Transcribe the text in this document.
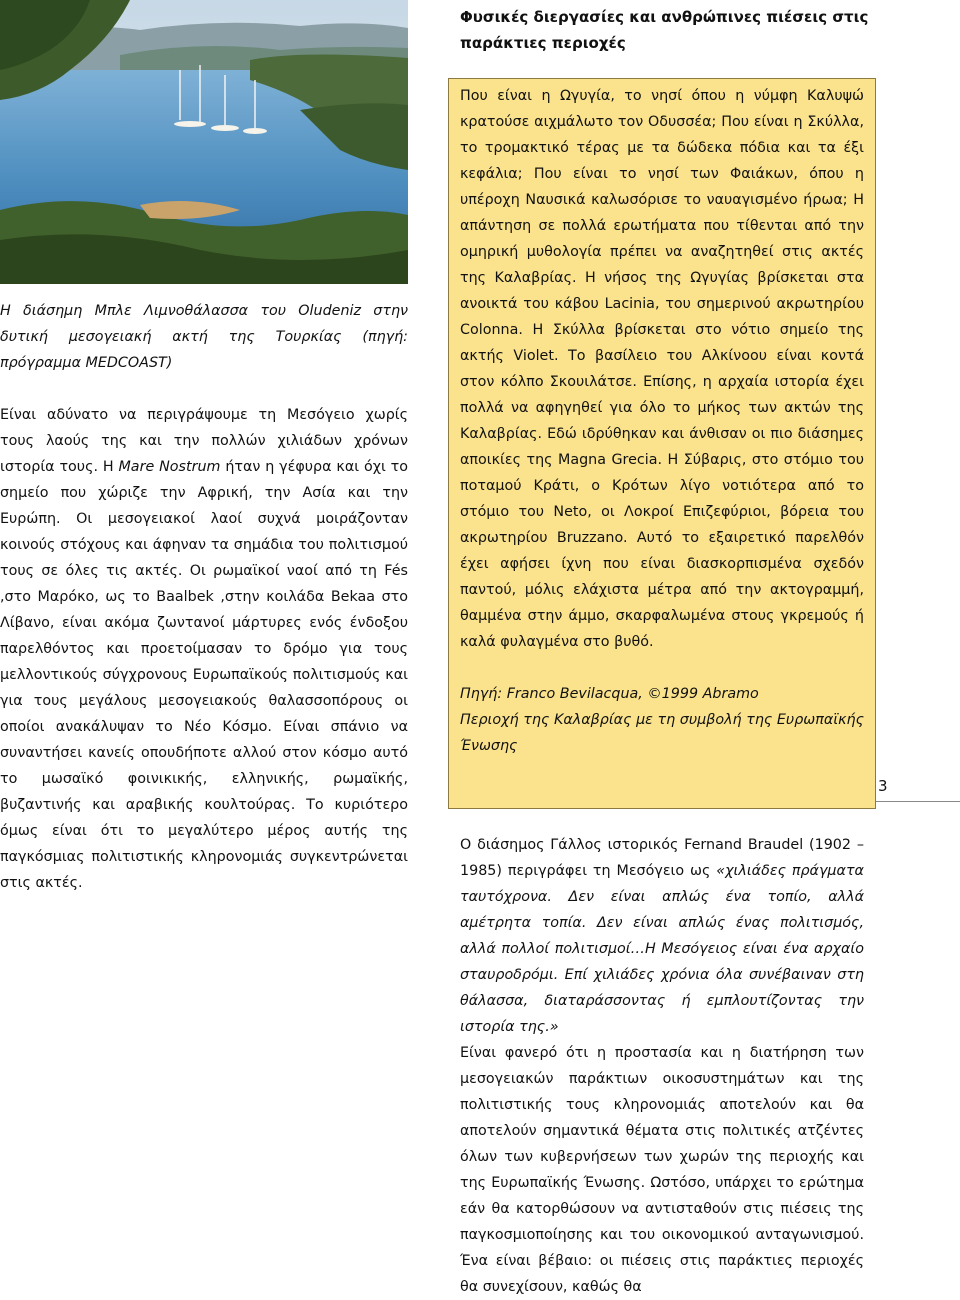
Φυσικές διεργασίες και ανθρώπινες πιέσεις στις παράκτιες περιοχές
Η διάσημη Μπλε Λιμνοθάλασσα του Oludeniz στην δυτική μεσογειακή ακτή της Τουρκίας (πηγή: πρόγραμμα MEDCOAST)
Είναι αδύνατο να περιγράψουμε τη Μεσόγειο χωρίς τους λαούς της και την πολλών χιλιάδων χρόνων ιστορία τους. Η Mare Nostrum ήταν η γέφυρα και όχι το σημείο που χώριζε την Αφρική, την Ασία και την Ευρώπη. Οι μεσογειακοί λαοί συχνά μοιράζονταν κοινούς στόχους και άφηναν τα σημάδια του πολιτισμού τους σε όλες τις ακτές. Οι ρωμαϊκοί ναοί από τη Fés ,στο Μαρόκο, ως το Baalbek ,στην κοιλάδα Bekaa στο Λίβανο, είναι ακόμα ζωντανοί μάρτυρες ενός ένδοξου παρελθόντος και προετοίμασαν το δρόμο για τους μελλοντικούς σύγχρονους Ευρωπαϊκούς πολιτισμούς και για τους μεγάλους μεσογειακούς θαλασσοπόρους οι οποίοι ανακάλυψαν το Νέο Κόσμο. Είναι σπάνιο να συναντήσει κανείς οπουδήποτε αλλού στον κόσμο αυτό το μωσαϊκό φοινικικής, ελληνικής, ρωμαϊκής, βυζαντινής και αραβικής κουλτούρας. Το κυριότερο όμως είναι ότι το μεγαλύτερο μέρος αυτής της παγκόσμιας πολιτιστικής κληρονομιάς συγκεντρώνεται στις ακτές.
Που είναι η Ωγυγία, το νησί όπου η νύμφη Καλυψώ κρατούσε αιχμάλωτο τον Οδυσσέα; Που είναι η Σκύλλα, το τρομακτικό τέρας με τα δώδεκα πόδια και τα έξι κεφάλια; Που είναι το νησί των Φαιάκων, όπου η υπέροχη Ναυσικά καλωσόρισε το ναυαγισμένο ήρωα; Η απάντηση σε πολλά ερωτήματα που τίθενται από την ομηρική μυθολογία πρέπει να αναζητηθεί στις ακτές της Καλαβρίας. Η νήσος της Ωγυγίας βρίσκεται στα ανοικτά του κάβου Lacinia, του σημερινού ακρωτηρίου Colonna. Η Σκύλλα βρίσκεται στο νότιο σημείο της ακτής Violet. Το βασίλειο του Αλκίνοου είναι κοντά στον κόλπο Σκουιλάτσε. Επίσης, η αρχαία ιστορία έχει πολλά να αφηγηθεί για όλο το μήκος των ακτών της Καλαβρίας. Εδώ ιδρύθηκαν και άνθισαν οι πιο διάσημες αποικίες της Magna Grecia. Η Σύβαρις, στο στόμιο του ποταμού Κράτι, ο Κρότων λίγο νοτιότερα από το στόμιο του Neto, οι Λοκροί Επιζεφύριοι, βόρεια του ακρωτηρίου Bruzzano. Αυτό το εξαιρετικό παρελθόν έχει αφήσει ίχνη που είναι διασκορπισμένα σχεδόν παντού, μόλις ελάχιστα μέτρα από την ακτογραμμή, θαμμένα στην άμμο, σκαρφαλωμένα στους γκρεμούς ή καλά φυλαγμένα στο βυθό.
Πηγή: Franco Bevilacqua, ©1999 Abramo
Περιοχή της Καλαβρίας με τη συμβολή της Ευρωπαϊκής Ένωσης
3
Ο διάσημος Γάλλος ιστορικός Fernand Braudel (1902 – 1985) περιγράφει τη Μεσόγειο ως «χιλιάδες πράγματα ταυτόχρονα. Δεν είναι απλώς ένα τοπίο, αλλά αμέτρητα τοπία. Δεν είναι απλώς ένας πολιτισμός, αλλά πολλοί πολιτισμοί…Η Μεσόγειος είναι ένα αρχαίο σταυροδρόμι. Επί χιλιάδες χρόνια όλα συνέβαιναν στη θάλασσα, διαταράσσοντας ή εμπλουτίζοντας την ιστορία της.»
Είναι φανερό ότι η προστασία και η διατήρηση των μεσογειακών παράκτιων οικοσυστημάτων και της πολιτιστικής τους κληρονομιάς αποτελούν και θα αποτελούν σημαντικά θέματα στις πολιτικές ατζέντες όλων των κυβερνήσεων των χωρών της περιοχής και της Ευρωπαϊκής Ένωσης. Ωστόσο, υπάρχει το ερώτημα εάν θα κατορθώσουν να αντισταθούν στις πιέσεις της παγκοσμιοποίησης και του οικονομικού ανταγωνισμού. Ένα είναι βέβαιο: οι πιέσεις στις παράκτιες περιοχές θα συνεχίσουν, καθώς θα
